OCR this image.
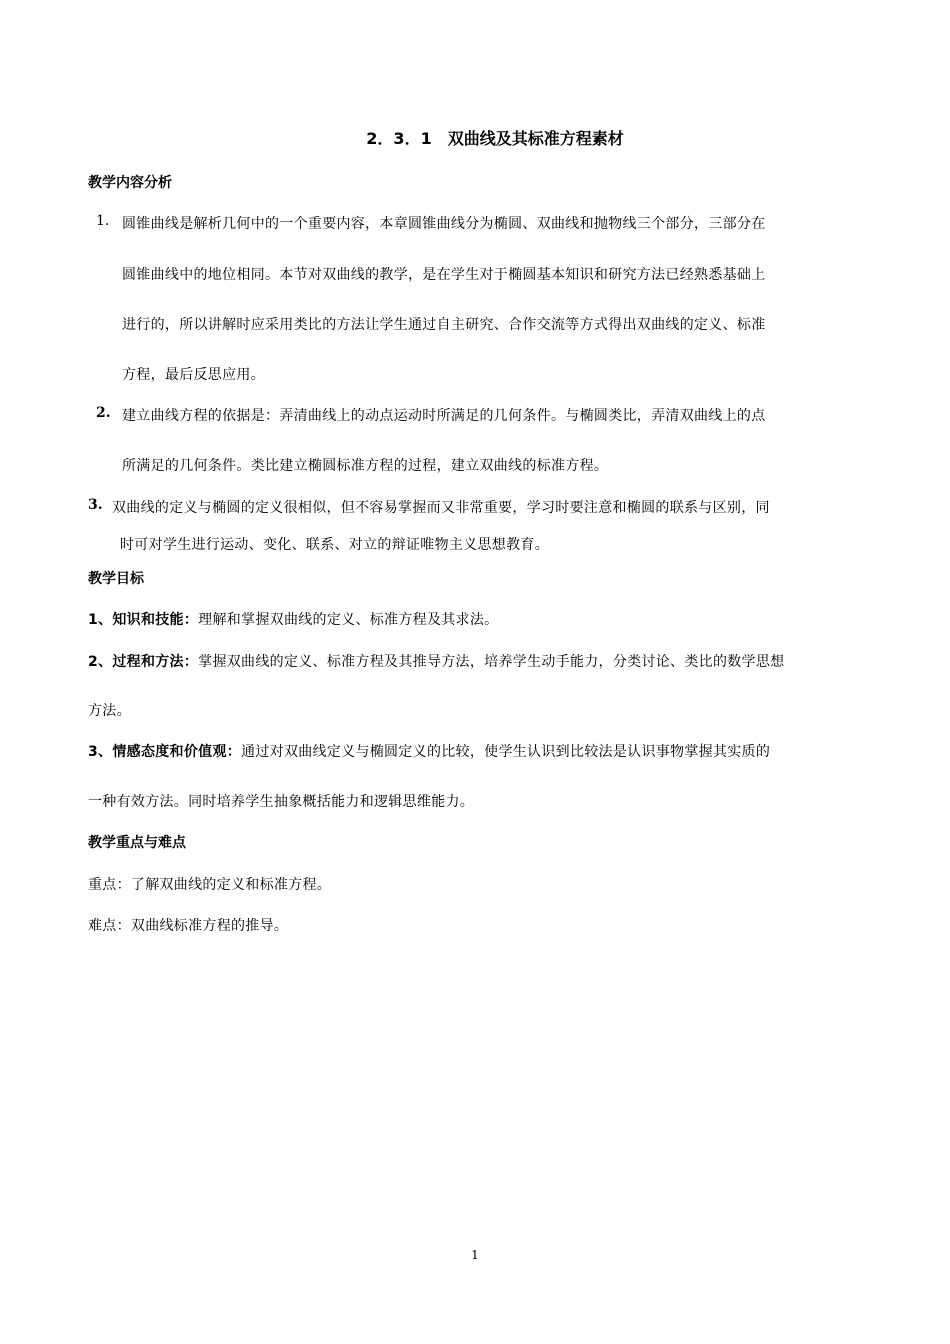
2．3．1　双曲线及其标准方程素材
教学内容分析
1. 圆锥曲线是解析几何中的一个重要内容，本章圆锥曲线分为椭圆、双曲线和抛物线三个部分，三部分在
圆锥曲线中的地位相同。本节对双曲线的教学，是在学生对于椭圆基本知识和研究方法已经熟悉基础上
进行的，所以讲解时应采用类比的方法让学生通过自主研究、合作交流等方式得出双曲线的定义、标准
方程，最后反思应用。
2. 建立曲线方程的依据是：弄清曲线上的动点运动时所满足的几何条件。与椭圆类比，弄清双曲线上的点
所满足的几何条件。类比建立椭圆标准方程的过程，建立双曲线的标准方程。
3. 双曲线的定义与椭圆的定义很相似，但不容易掌握而又非常重要，学习时要注意和椭圆的联系与区别，同
时可对学生进行运动、变化、联系、对立的辩证唯物主义思想教育。
教学目标
1、知识和技能：理解和掌握双曲线的定义、标准方程及其求法。
2、过程和方法：掌握双曲线的定义、标准方程及其推导方法，培养学生动手能力，分类讨论、类比的数学思想
方法。
3、情感态度和价值观：通过对双曲线定义与椭圆定义的比较，使学生认识到比较法是认识事物掌握其实质的
一种有效方法。同时培养学生抽象概括能力和逻辑思维能力。
教学重点与难点
重点：了解双曲线的定义和标准方程。
难点：双曲线标准方程的推导。
1
